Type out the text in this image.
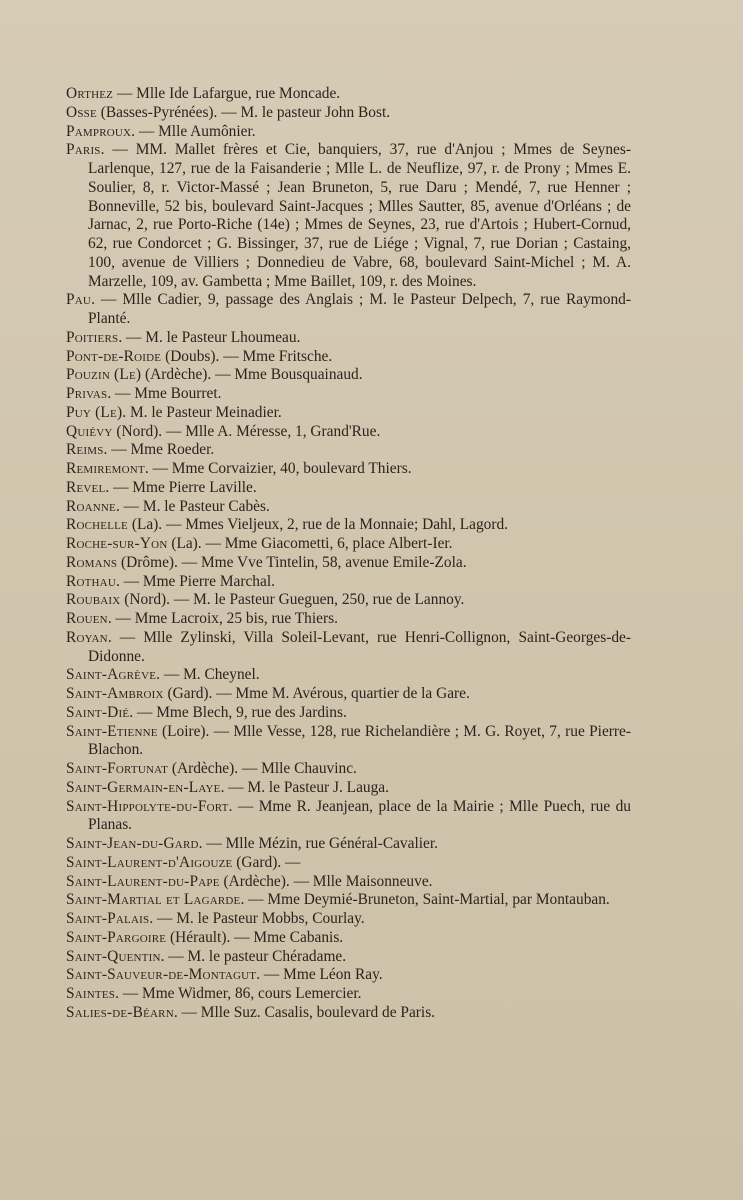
Orthez — Mlle Ide Lafargue, rue Moncade.
Osse (Basses-Pyrénées). — M. le pasteur John Bost.
Pamproux. — Mlle Aumônier.
Paris. — MM. Mallet frères et Cie, banquiers, 37, rue d'Anjou ; Mmes de Seynes-Larlenque, 127, rue de la Faisanderie ; Mlle L. de Neuflize, 97, r. de Prony ; Mmes E. Soulier, 8, r. Victor-Massé ; Jean Bruneton, 5, rue Daru ; Mendé, 7, rue Henner ; Bonneville, 52 bis, boulevard Saint-Jacques ; Mlles Sautter, 85, avenue d'Orléans ; de Jarnac, 2, rue Porto-Riche (14e) ; Mmes de Seynes, 23, rue d'Artois ; Hubert-Cornud, 62, rue Condorcet ; G. Bissinger, 37, rue de Liége ; Vignal, 7, rue Dorian ; Castaing, 100, avenue de Villiers ; Donnedieu de Vabre, 68, boulevard Saint-Michel ; M. A. Marzelle, 109, av. Gambetta ; Mme Baillet, 109, r. des Moines.
Pau. — Mlle Cadier, 9, passage des Anglais ; M. le Pasteur Delpech, 7, rue Raymond-Planté.
Poitiers. — M. le Pasteur Lhoumeau.
Pont-de-Roide (Doubs). — Mme Fritsche.
Pouzin (Le) (Ardèche). — Mme Bousquainaud.
Privas. — Mme Bourret.
Puy (Le). M. le Pasteur Meinadier.
Quiévy (Nord). — Mlle A. Méresse, 1, Grand'Rue.
Reims. — Mme Roeder.
Remiremont. — Mme Corvaizier, 40, boulevard Thiers.
Revel. — Mme Pierre Laville.
Roanne. — M. le Pasteur Cabès.
Rochelle (La). — Mmes Vieljeux, 2, rue de la Monnaie; Dahl, Lagord.
Roche-sur-Yon (La). — Mme Giacometti, 6, place Albert-Ier.
Romans (Drôme). — Mme Vve Tintelin, 58, avenue Emile-Zola.
Rothau. — Mme Pierre Marchal.
Roubaix (Nord). — M. le Pasteur Gueguen, 250, rue de Lannoy.
Rouen. — Mme Lacroix, 25 bis, rue Thiers.
Royan. — Mlle Zylinski, Villa Soleil-Levant, rue Henri-Collignon, Saint-Georges-de-Didonne.
Saint-Agrève. — M. Cheynel.
Saint-Ambroix (Gard). — Mme M. Avérous, quartier de la Gare.
Saint-Dié. — Mme Blech, 9, rue des Jardins.
Saint-Etienne (Loire). — Mlle Vesse, 128, rue Richelandière ; M. G. Royet, 7, rue Pierre-Blachon.
Saint-Fortunat (Ardèche). — Mlle Chauvinc.
Saint-Germain-en-Laye. — M. le Pasteur J. Lauga.
Saint-Hippolyte-du-Fort. — Mme R. Jeanjean, place de la Mairie ; Mlle Puech, rue du Planas.
Saint-Jean-du-Gard. — Mlle Mézin, rue Général-Cavalier.
Saint-Laurent-d'Aigouze (Gard). —
Saint-Laurent-du-Pape (Ardèche). — Mlle Maisonneuve.
Saint-Martial et Lagarde. — Mme Deymié-Bruneton, Saint-Martial, par Montauban.
Saint-Palais. — M. le Pasteur Mobbs, Courlay.
Saint-Pargoire (Hérault). — Mme Cabanis.
Saint-Quentin. — M. le pasteur Chéradame.
Saint-Sauveur-de-Montagut. — Mme Léon Ray.
Saintes. — Mme Widmer, 86, cours Lemercier.
Salies-de-Béarn. — Mlle Suz. Casalis, boulevard de Paris.
